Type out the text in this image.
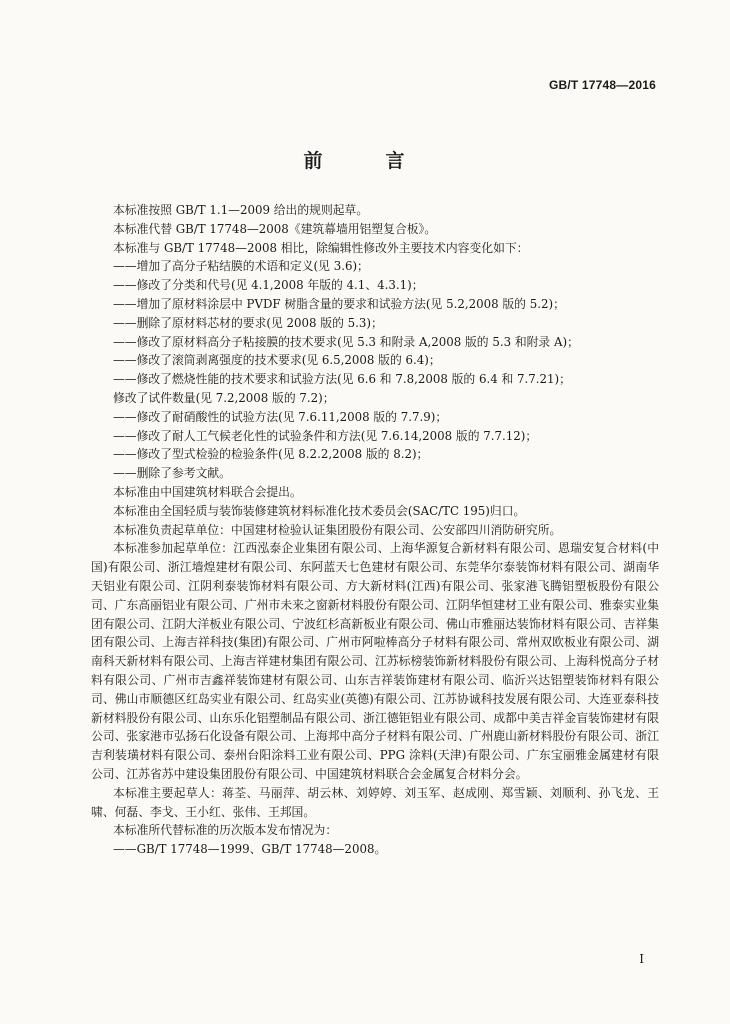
GB/T 17748—2016
前　言

本标准按照 GB/T 1.1—2009 给出的规则起草。

本标准代替 GB/T 17748—2008《建筑幕墙用铝塑复合板》。

本标准与 GB/T 17748—2008 相比，除编辑性修改外主要技术内容变化如下：

——增加了高分子粘结膜的术语和定义(见 3.6)；

——修改了分类和代号(见 4.1,2008 年版的 4.1、4.3.1)；

——增加了原材料涂层中 PVDF 树脂含量的要求和试验方法(见 5.2,2008 版的 5.2)；

——删除了原材料芯材的要求(见 2008 版的 5.3)；

——修改了原材料高分子粘接膜的技术要求(见 5.3 和附录 A,2008 版的 5.3 和附录 A)；

——修改了滚筒剥离强度的技术要求(见 6.5,2008 版的 6.4)；

——修改了燃烧性能的技术要求和试验方法(见 6.6 和 7.8,2008 版的 6.4 和 7.7.21)；

修改了试件数量(见 7.2,2008 版的 7.2)；

——修改了耐硝酸性的试验方法(见 7.6.11,2008 版的 7.7.9)；

——修改了耐人工气候老化性的试验条件和方法(见 7.6.14,2008 版的 7.7.12)；

——修改了型式检验的检验条件(见 8.2.2,2008 版的 8.2)；

——删除了参考文献。

本标准由中国建筑材料联合会提出。

本标准由全国轻质与装饰装修建筑材料标准化技术委员会(SAC/TC 195)归口。

本标准负责起草单位：中国建材检验认证集团股份有限公司、公安部四川消防研究所。

本标准参加起草单位：江西泓泰企业集团有限公司、上海华源复合新材料有限公司、恩瑞安复合材料(中国)有限公司、浙江墙煌建材有限公司、东阿蓝天七色建材有限公司、东莞华尔泰装饰材料有限公司、湖南华天铝业有限公司、江阴利泰装饰材料有限公司、方大新材料(江西)有限公司、张家港飞腾铝塑板股份有限公司、广东高丽铝业有限公司、广州市未来之窗新材料股份有限公司、江阴华恒建材工业有限公司、雅泰实业集团有限公司、江阴大洋板业有限公司、宁波红杉高新板业有限公司、佛山市雅丽达装饰材料有限公司、吉祥集团有限公司、上海吉祥科技(集团)有限公司、广州市阿啦棒高分子材料有限公司、常州双欧板业有限公司、湖南科天新材料有限公司、上海吉祥建材集团有限公司、江苏标榜装饰新材料股份有限公司、上海科悦高分子材料有限公司、广州市吉鑫祥装饰建材有限公司、山东吉祥装饰建材有限公司、临沂兴达铝塑装饰材料有限公司、佛山市顺德区红岛实业有限公司、红岛实业(英德)有限公司、江苏协诚科技发展有限公司、大连亚泰科技新材料股份有限公司、山东乐化铝塑制品有限公司、浙江德钜铝业有限公司、成都中美吉祥金盲装饰建材有限公司、张家港市弘扬石化设备有限公司、上海邦中高分子材料有限公司、广州鹿山新材料股份有限公司、浙江吉利装璜材料有限公司、泰州台阳涂料工业有限公司、PPG 涂料(天津)有限公司、广东宝丽雅金属建材有限公司、江苏省苏中建设集团股份有限公司、中国建筑材料联合会金属复合材料分会。

本标准主要起草人：蒋荃、马丽萍、胡云林、刘婷婷、刘玉军、赵成刚、郑雪颖、刘顺利、孙飞龙、王啸、何磊、李戈、王小红、张伟、王邦国。

本标准所代替标准的历次版本发布情况为：

——GB/T 17748—1999、GB/T 17748—2008。

I
